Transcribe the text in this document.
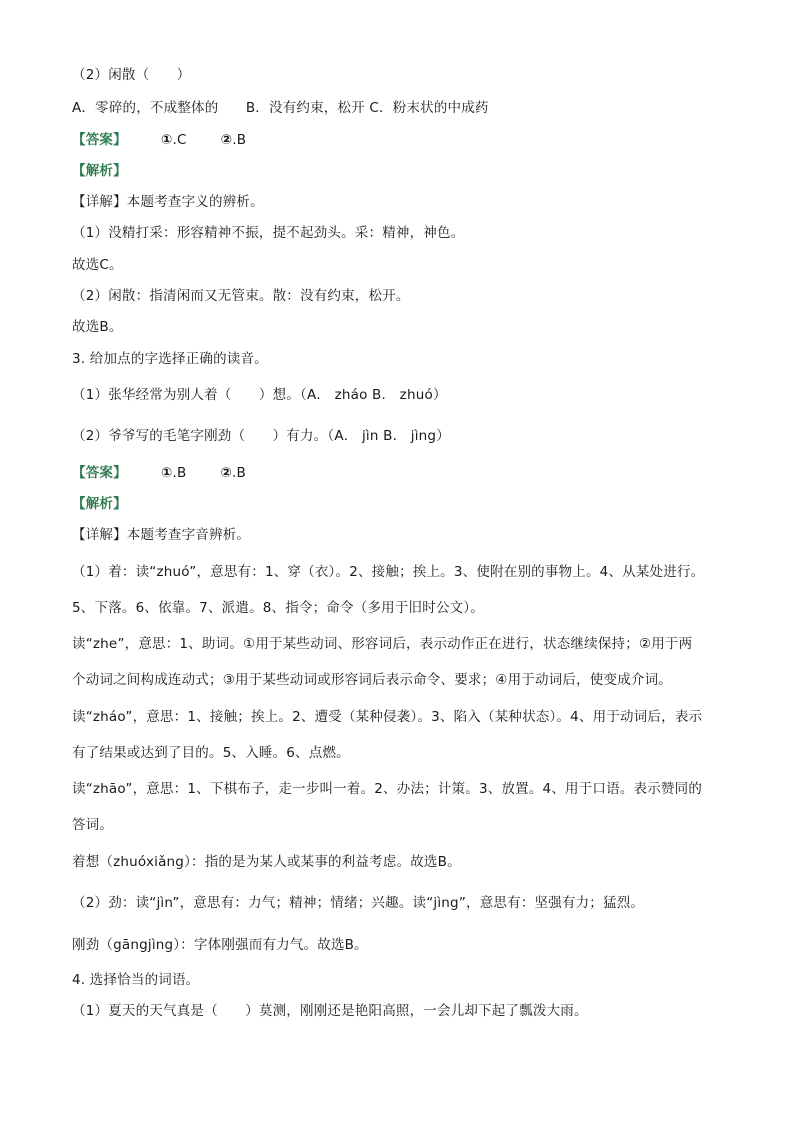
（2）闲散（　　）
A．零碎的，不成整体的　　B．没有约束，松开 C．粉末状的中成药
【答案】	①.C	②.B
【解析】
【详解】本题考查字义的辨析。
（1）没精打采：形容精神不振，提不起劲头。采：精神，神色。
故选C。
（2）闲散：指清闲而又无管束。散：没有约束，松开。
故选B。
3. 给加点的字选择正确的读音。
（1）张华经常为别人着（　　）想。（A． zháo B． zhuó）
（2）爷爷写的毛笔字刚劲（　　）有力。（A． jìn B． jìng）
【答案】	①.B	②.B
【解析】
【详解】本题考查字音辨析。
（1）着：读“zhuó”，意思有：1、穿（衣）。2、接触；挨上。3、使附在别的事物上。4、从某处进行。
5、下落。6、依靠。7、派遣。8、指令；命令（多用于旧时公文）。
读“zhe”，意思：1、助词。①用于某些动词、形容词后，表示动作正在进行，状态继续保持；②用于两
个动词之间构成连动式；③用于某些动词或形容词后表示命令、要求；④用于动词后，使变成介词。
读“zháo”，意思：1、接触；挨上。2、遭受（某种侵袭）。3、陷入（某种状态）。4、用于动词后，表示
有了结果或达到了目的。5、入睡。6、点燃。
读“zhāo”，意思：1、下棋布子，走一步叫一着。2、办法；计策。3、放置。4、用于口语。表示赞同的
答词。
着想（zhuóxiǎng）：指的是为某人或某事的利益考虑。故选B。
（2）劲：读“jìn”，意思有：力气；精神；情绪；兴趣。读“jìng”，意思有：坚强有力；猛烈。
刚劲（gāngjìng）：字体刚强而有力气。故选B。
4. 选择恰当的词语。
（1）夏天的天气真是（　　）莫测，刚刚还是艳阳高照，一会儿却下起了瓢泼大雨。
